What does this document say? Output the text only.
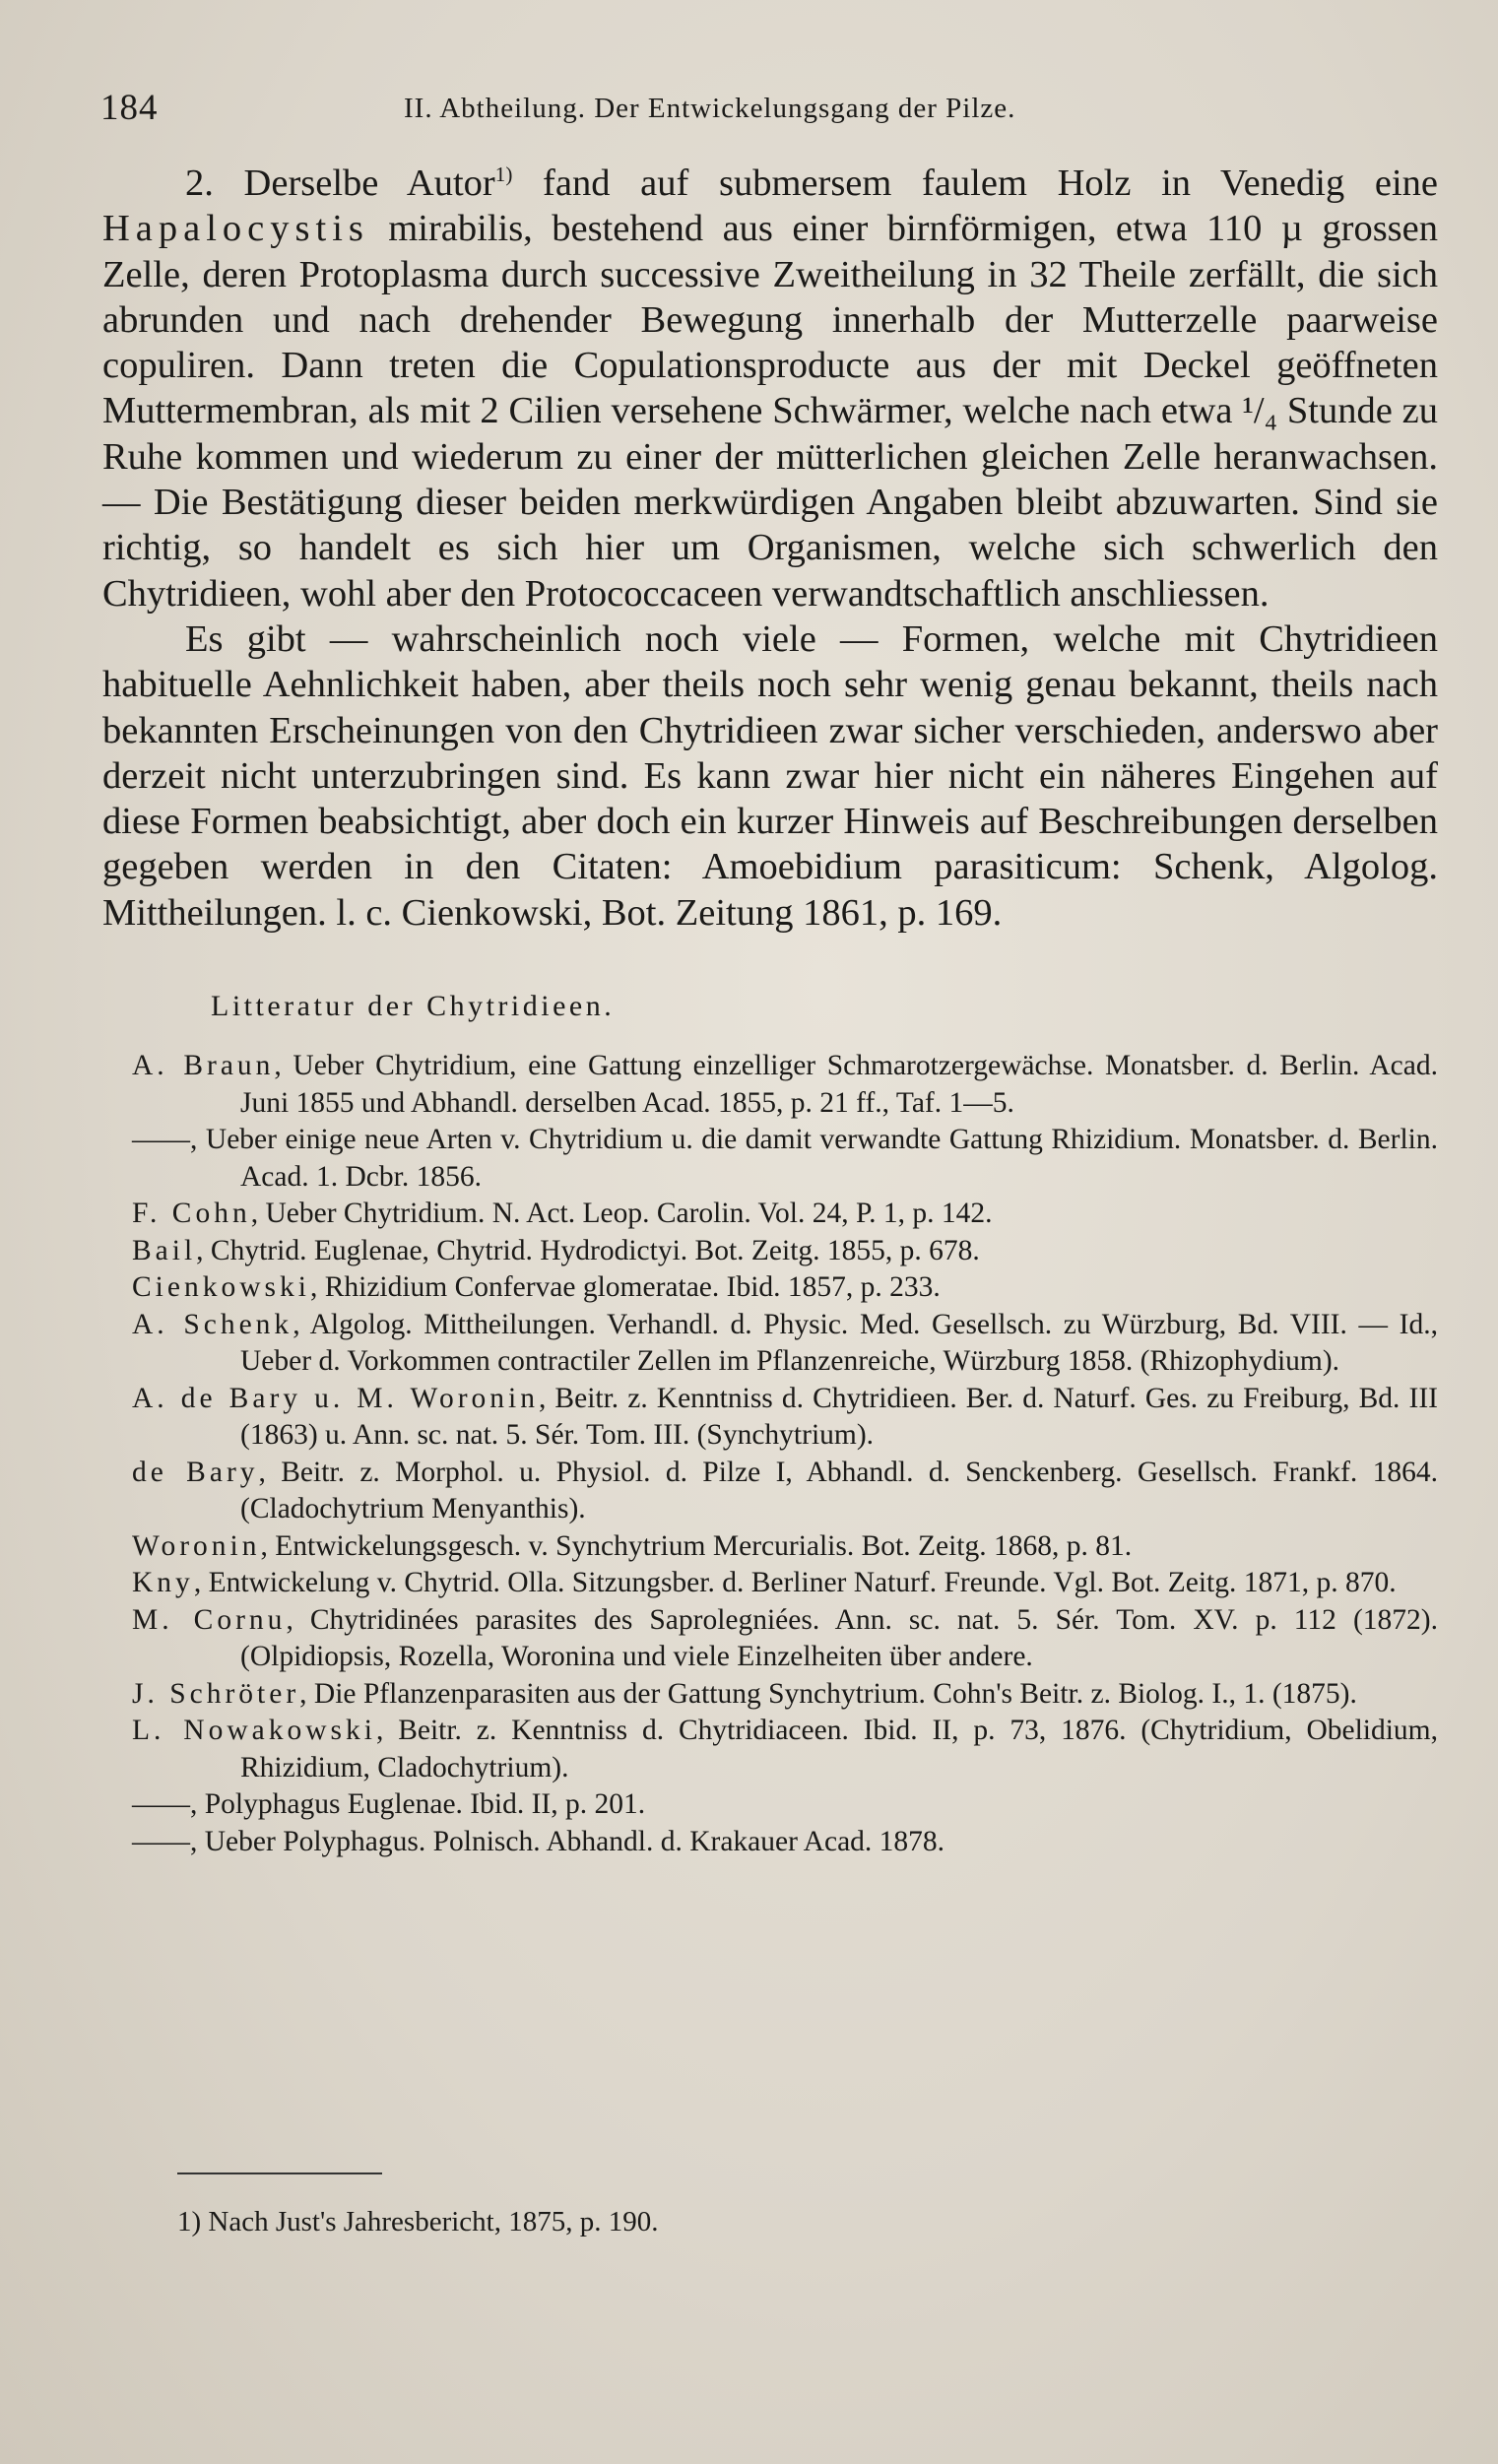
184	II. Abtheilung. Der Entwickelungsgang der Pilze.

2. Derselbe Autor$^{1)}$ fand auf submersem faulem Holz in Venedig eine Hapalocystis mirabilis, bestehend aus einer birnförmigen, etwa 110 µ grossen Zelle, deren Protoplasma durch successive Zweitheilung in 32 Theile zerfällt, die sich abrunden und nach drehender Bewegung innerhalb der Mutterzelle paarweise copuliren. Dann treten die Copulationsproducte aus der mit Deckel geöffneten Muttermembran, als mit 2 Cilien versehene Schwärmer, welche nach etwa ¹/₄ Stunde zu Ruhe kommen und wiederum zu einer der mütterlichen gleichen Zelle heranwachsen. — Die Bestätigung dieser beiden merkwürdigen Angaben bleibt abzuwarten. Sind sie richtig, so handelt es sich hier um Organismen, welche sich schwerlich den Chytridieen, wohl aber den Protococcaceen verwandtschaftlich anschliessen.

Es gibt — wahrscheinlich noch viele — Formen, welche mit Chytridieen habituelle Aehnlichkeit haben, aber theils noch sehr wenig genau bekannt, theils nach bekannten Erscheinungen von den Chytridieen zwar sicher verschieden, anderswo aber derzeit nicht unterzubringen sind. Es kann zwar hier nicht ein näheres Eingehen auf diese Formen beabsichtigt, aber doch ein kurzer Hinweis auf Beschreibungen derselben gegeben werden in den Citaten: Amoebidium parasiticum: Schenk, Algolog. Mittheilungen. l. c. Cienkowski, Bot. Zeitung 1861, p. 169.

Litteratur der Chytridieen.

A. Braun, Ueber Chytridium, eine Gattung einzelliger Schmarotzergewächse. Monatsber. d. Berlin. Acad. Juni 1855 und Abhandl. derselben Acad. 1855, p. 21 ff., Taf. 1—5.

——, Ueber einige neue Arten v. Chytridium u. die damit verwandte Gattung Rhizidium. Monatsber. d. Berlin. Acad. 1. Dcbr. 1856.

F. Cohn, Ueber Chytridium. N. Act. Leop. Carolin. Vol. 24, P. 1, p. 142.

Bail, Chytrid. Euglenae, Chytrid. Hydrodictyi. Bot. Zeitg. 1855, p. 678.

Cienkowski, Rhizidium Confervae glomeratae. Ibid. 1857, p. 233.

A. Schenk, Algolog. Mittheilungen. Verhandl. d. Physic. Med. Gesellsch. zu Würzburg, Bd. VIII. — Id., Ueber d. Vorkommen contractiler Zellen im Pflanzenreiche, Würzburg 1858. (Rhizophydium).

A. de Bary u. M. Woronin, Beitr. z. Kenntniss d. Chytridieen. Ber. d. Naturf. Ges. zu Freiburg, Bd. III (1863) u. Ann. sc. nat. 5. Sér. Tom. III. (Synchytrium).

de Bary, Beitr. z. Morphol. u. Physiol. d. Pilze I, Abhandl. d. Senckenberg. Gesellsch. Frankf. 1864. (Cladochytrium Menyanthis).

Woronin, Entwickelungsgesch. v. Synchytrium Mercurialis. Bot. Zeitg. 1868, p. 81.

Kny, Entwickelung v. Chytrid. Olla. Sitzungsber. d. Berliner Naturf. Freunde. Vgl. Bot. Zeitg. 1871, p. 870.

M. Cornu, Chytridinées parasites des Saprolegniées. Ann. sc. nat. 5. Sér. Tom. XV. p. 112 (1872). (Olpidiopsis, Rozella, Woronina und viele Einzelheiten über andere.

J. Schröter, Die Pflanzenparasiten aus der Gattung Synchytrium. Cohn's Beitr. z. Biolog. I., 1. (1875).

L. Nowakowski, Beitr. z. Kenntniss d. Chytridiaceen. Ibid. II, p. 73, 1876. (Chytridium, Obelidium, Rhizidium, Cladochytrium).

——, Polyphagus Euglenae. Ibid. II, p. 201.

——, Ueber Polyphagus. Polnisch. Abhandl. d. Krakauer Acad. 1878.

1) Nach Just's Jahresbericht, 1875, p. 190.
